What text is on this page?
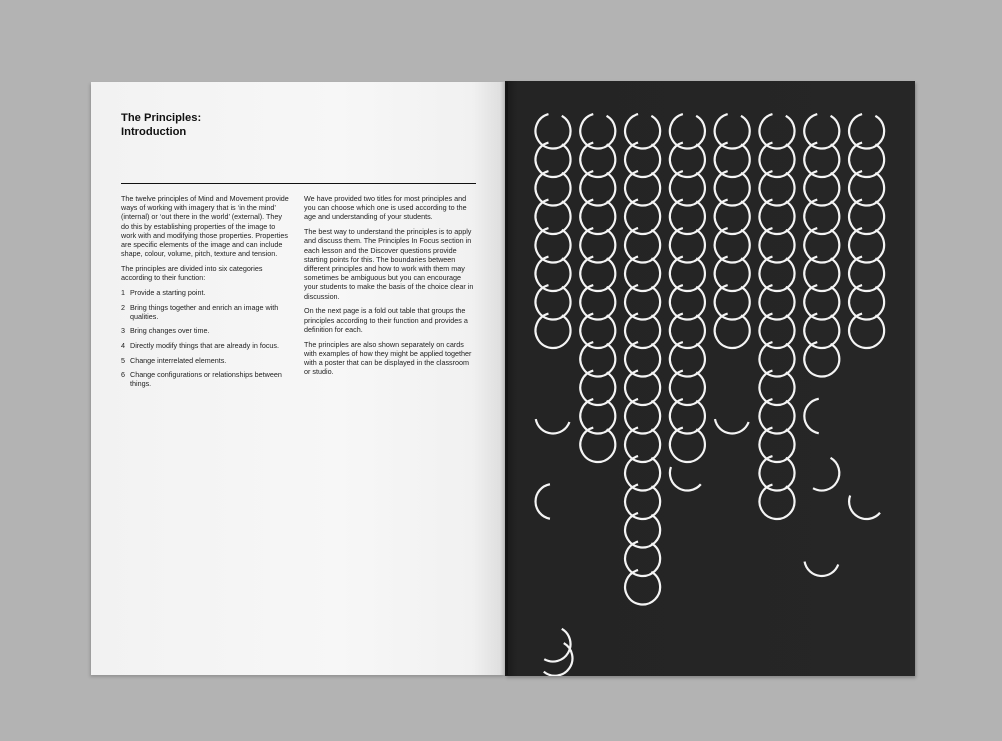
The Principles:
Introduction

The twelve principles of Mind and Movement provide ways of working with imagery that is ‘in the mind’ (internal) or ‘out there in the world’ (external). They do this by establishing properties of the image to work with and modifying those properties. Properties are specific elements of the image and can include shape, colour, volume, pitch, texture and tension.

The principles are divided into six categories according to their function:

1 Provide a starting point.
2 Bring things together and enrich an image with qualities.
3 Bring changes over time.
4 Directly modify things that are already in focus.
5 Change interrelated elements.
6 Change configurations or relationships between things.

We have provided two titles for most principles and you can choose which one is used according to the age and understanding of your students.

The best way to understand the principles is to apply and discuss them. The Principles In Focus section in each lesson and the Discover questions provide starting points for this. The boundaries between different principles and how to work with them may sometimes be ambiguous but you can encourage your students to make the basis of the choice clear in discussion.

On the next page is a fold out table that groups the principles according to their function and provides a definition for each.

The principles are also shown separately on cards with examples of how they might be applied together with a poster that can be displayed in the classroom or studio.
